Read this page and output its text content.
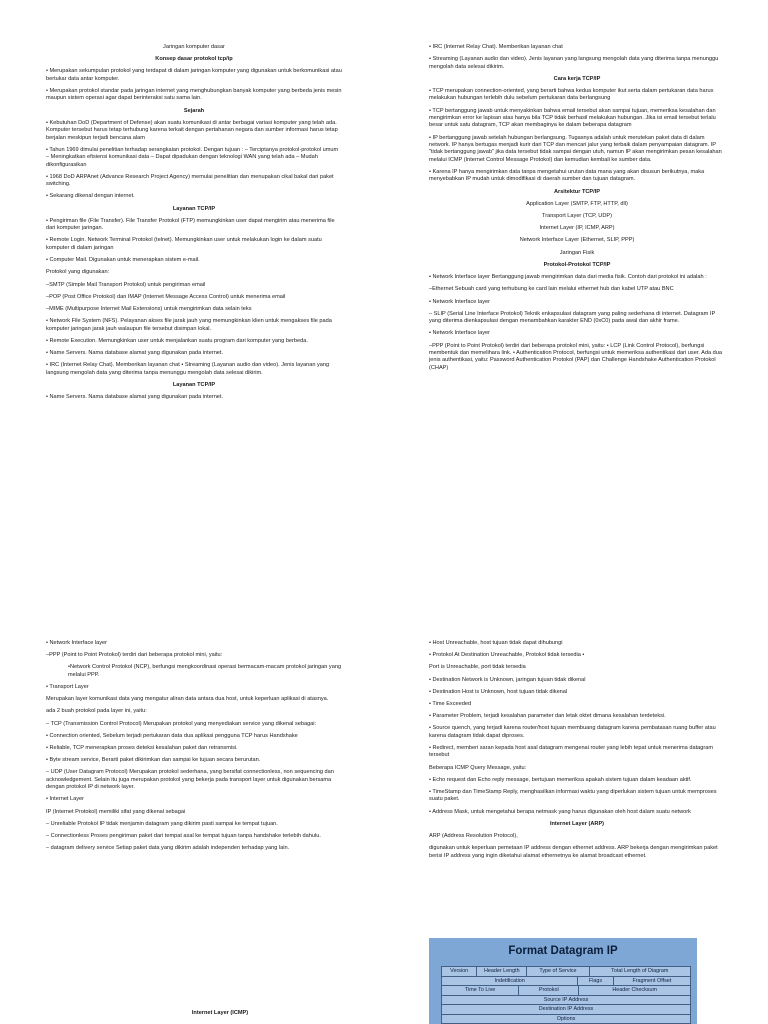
Jaringan komputer dasar

Konsep dasar protokol tcp/ip

• Merupakan sekumpulan protokol yang terdapat di dalam jaringan komputer yang digunakan untuk berkomunikasi atau bertukar data antar komputer.

• Merupakan protokol standar pada jaringan internet yang menghubungkan banyak komputer yang berbeda jenis mesin maupun sistem operasi agar dapat berinteraksi satu sama lain.

Sejarah

• Kebutuhan DoD (Department of Defense) akan suatu komunikasi di antar berbagai variasi komputer yang telah ada. Komputer tersebut harus tetap terhubung karena terkait dengan pertahanan negara dan sumber informasi harus tetap berjalan meskipun terjadi bencana alam

• Tahun 1969 dimulai penelitian terhadap serangkaian protokol. Dengan tujuan : – Terciptanya protokol-protokol umum – Meningkatkan efisiensi komunikasi data – Dapat dipadukan dengan teknologi WAN yang telah ada – Mudah dikonfigurasikan

• 1968 DoD ARPAnet (Advance Research Project Agency) memulai penelitian dan menupakan cikal bakal dari paket switching.

• Sekarang dikenal dengan internet.

Layanan TCP/IP

• Pengiriman file (File Transfer). File Transfer Protokol (FTP) memungkinkan user dapat mengirim atau menerima file dari komputer jaringan.

• Remote Login. Network Terminal Protokol (telnet). Memungkinkan user untuk melakukan login ke dalam suatu komputer di dalam jaringan

• Computer Mail. Digunakan untuk menerapkan sistem e-mail.

Protokol yang digunakan:

–SMTP (Simple Mail Transport Protokol) untuk pengiriman email

–POP (Post Office Protokol) dan IMAP (Internet Message Access Control) untuk menerima email

–MIME (Multipurpose Internet Mail Extensions) untuk mengirimkan data selain teks

• Network File System (NFS). Pelayanan akses file jarak jauh yang memungkinkan klien untuk mengakses file pada komputer jaringan jarak jauh walaupun file tersebut disimpan lokal.

• Remote Execution. Memungkinkan user untuk menjalankan suatu program dari komputer yang berbeda.

• Name Servers. Nama database alamat yang digunakan pada internet.

• IRC (Internet Relay Chat). Memberikan layanan chat • Streaming (Layanan audio dan video). Jenis layanan yang langsung mengolah data yang diterima tanpa menunggu mengolah data selesai dikirim.

Layanan TCP/IP

• Name Servers. Nama database alamat yang digunakan pada internet.

• IRC (Internet Relay Chat). Memberikan layanan chat

• Streaming (Layanan audio dan video). Jenis layanan yang langsung mengolah data yang diterima tanpa menunggu mengolah data selesai dikirim.

Cara kerja TCP/IP

• TCP merupakan connection-oriented, yang berarti bahwa kedua komputer ikut serta dalam pertukaran data harus melakukan hubungan terlebih dulu sebelum pertukaran data berlangsung

• TCP bertanggung jawab untuk menyakinkan bahwa email tersebut akan sampai tujuan, memeriksa kesalahan dan mengirimkan error ke lapisan atas hanya bila TCP tidak berhasil melakukan hubungan. Jika isi email tersebut terlalu besar untuk satu datagram, TCP akan membaginya ke dalam beberapa datagram

• IP bertanggung jawab setelah hubungan berlangsung. Tugasnya adalah untuk merutekan paket data di dalam network. IP hanya bertugas menjadi kurir dari TCP dan mencari jalur yang terbaik dalam penyampaian datagram. IP "tidak bertanggung jawab" jika data tersebut tidak sampai dengan utuh, namun IP akan mengirimkan pesan kesalahan melalui ICMP (Internet Control Message Protokol) dan kemudian kembali ke sumber data.

• Karena IP hanya mengirimkan data tanpa mengetahui urutan data mana yang akan disusun berikutnya, maka menyebabkan IP mudah untuk dimodifikasi di daerah sumber dan tujuan datagram.

Arsitektur TCP/IP

Application Layer (SMTP, FTP, HTTP, dll)

Transport Layer (TCP, UDP)

Internet Layer (IP, ICMP, ARP)

Network Interface Layer (Ethernet, SLIP, PPP)

Jaringan Fisik

Protokol-Protokol TCP/IP

• Network Interface layer Bertanggung jawab mengirimkan data dari media fisik. Contoh dari protokol ini adalah :

–Ethernet Sebuah card yang terhubung ke card lain melalui ethernet hub dan kabel UTP atau BNC

• Network Interface layer

– SLIP (Serial Line Interface Protokol) Teknik enkapsulasi datagram yang paling sederhana di internet. Datagram IP yang diterima dienkapsulasi dengan menambahkan karakter END (0xC0) pada awal dan akhir frame.

• Network Interface layer

–PPP (Point to Point Protokol) terdiri dari beberapa protokol mini, yaitu: • LCP (Link Control Protocol), berfungsi membentuk dan memelihara link. • Authentication Protocol, berfungsi untuk memeriksa authentikasi dari user. Ada dua jenis authentikasi, yaitu: Password Authentication Protokol (PAP) dan Challenge Handshake Authentication Protokol (CHAP)

• Network Interface layer

–PPP (Point to Point Protokol) terdiri dari beberapa protokol mini, yaitu:

•Network Control Protokol (NCP), berfungsi mengkoordinasi operasi bermacam-macam protokol jaringan yang melalui PPP.

• Transport Layer

Merupakan layer komunikasi data yang mengatur aliran data antara dua host, untuk keperluan aplikasi di atasnya.

ada 2 buah protokol pada layer ini, yaitu:

– TCP (Transmission Control Protocol) Merupakan protokol yang menyediakan service yang dikenal sebagai:

• Connection oriented, Sebelum terjadi pertukaran data dua aplikasi pengguna TCP harus Handshake

• Reliable, TCP menerapkan proses deteksi kesalahan paket dan retransmisi.

• Byte stream service, Berarti paket dikirimkan dan sampai ke tujuan secara berurutan.

– UDP (User Datagram Protocol) Merupakan protokol sederhana, yang bersifat connectionless, non sequencing dan acknowledgement. Selain itu juga merupakan protokol yang bekerja pada transport layer untuk digunakan bersama dengan protokol IP di network layer.

• Internet Layer

IP (Internet Protokol) memiliki sifat yang dikenal sebagai

– Unreliable Protokol IP tidak menjamin datagram yang dikirim pasti sampai ke tempat tujuan.

– Connectionless Proses pengiriman paket dari tempat asal ke tempat tujuan tanpa handshake terlebih dahulu.

– datagram delivery service Setiap paket data yang dikirim adalah independen terhadap yang lain.

• Host Unreachable, host tujuan tidak dapat dihubungi

• Protokol At Destination Unreachable, Protokol tidak tersedia •

Port is Unreachable, port tidak tersedia

• Destination Network is Unknown, jaringan tujuan tidak dikenal

• Destination Host is Unknown, host tujuan tidak dikenal

• Time Exceeded

• Parameter Problem, terjadi kesalahan parameter dan letak oktet dimana kesalahan terdeteksi.

• Source quench, yang terjadi karena router/host tujuan membuang datagram karena pembatasan ruang buffer atau karena datagram tidak dapat diproses.

• Redirect, memberi saran kepada host asal datagram mengenai router yang lebih tepat untuk menerima datagram tersebut

Beberapa ICMP Query Message, yaitu:

• Echo request dan Echo reply message, bertujuan memeriksa apakah sistem tujuan dalam keadaan aktif.

• TimeStamp dan TimeStamp Reply, menghasilkan informasi waktu yang diperlukan sistem tujuan untuk memproses suatu paket.

• Address Mask, untuk mengetahui berapa netmask yang harus digunakan oleh host dalam suatu network

Internet Layer (ARP)

ARP (Address Resolution Protocol),

digunakan untuk keperluan pemetaan IP address dengan ethernet address. ARP bekerja dengan mengirimkan paket berisi IP address yang ingin diketahui alamat ethernetnya ke alamat broadcast ethernet.

Internet Layer (ICMP)
Format Datagram IP
Version	Header Length	Type of Service	Total Length of Diagram
Indetification	Flags	Fragment Offset
Time To Live	Protokol	Header Checksum
Source IP Address
Destination IP Address
Options
